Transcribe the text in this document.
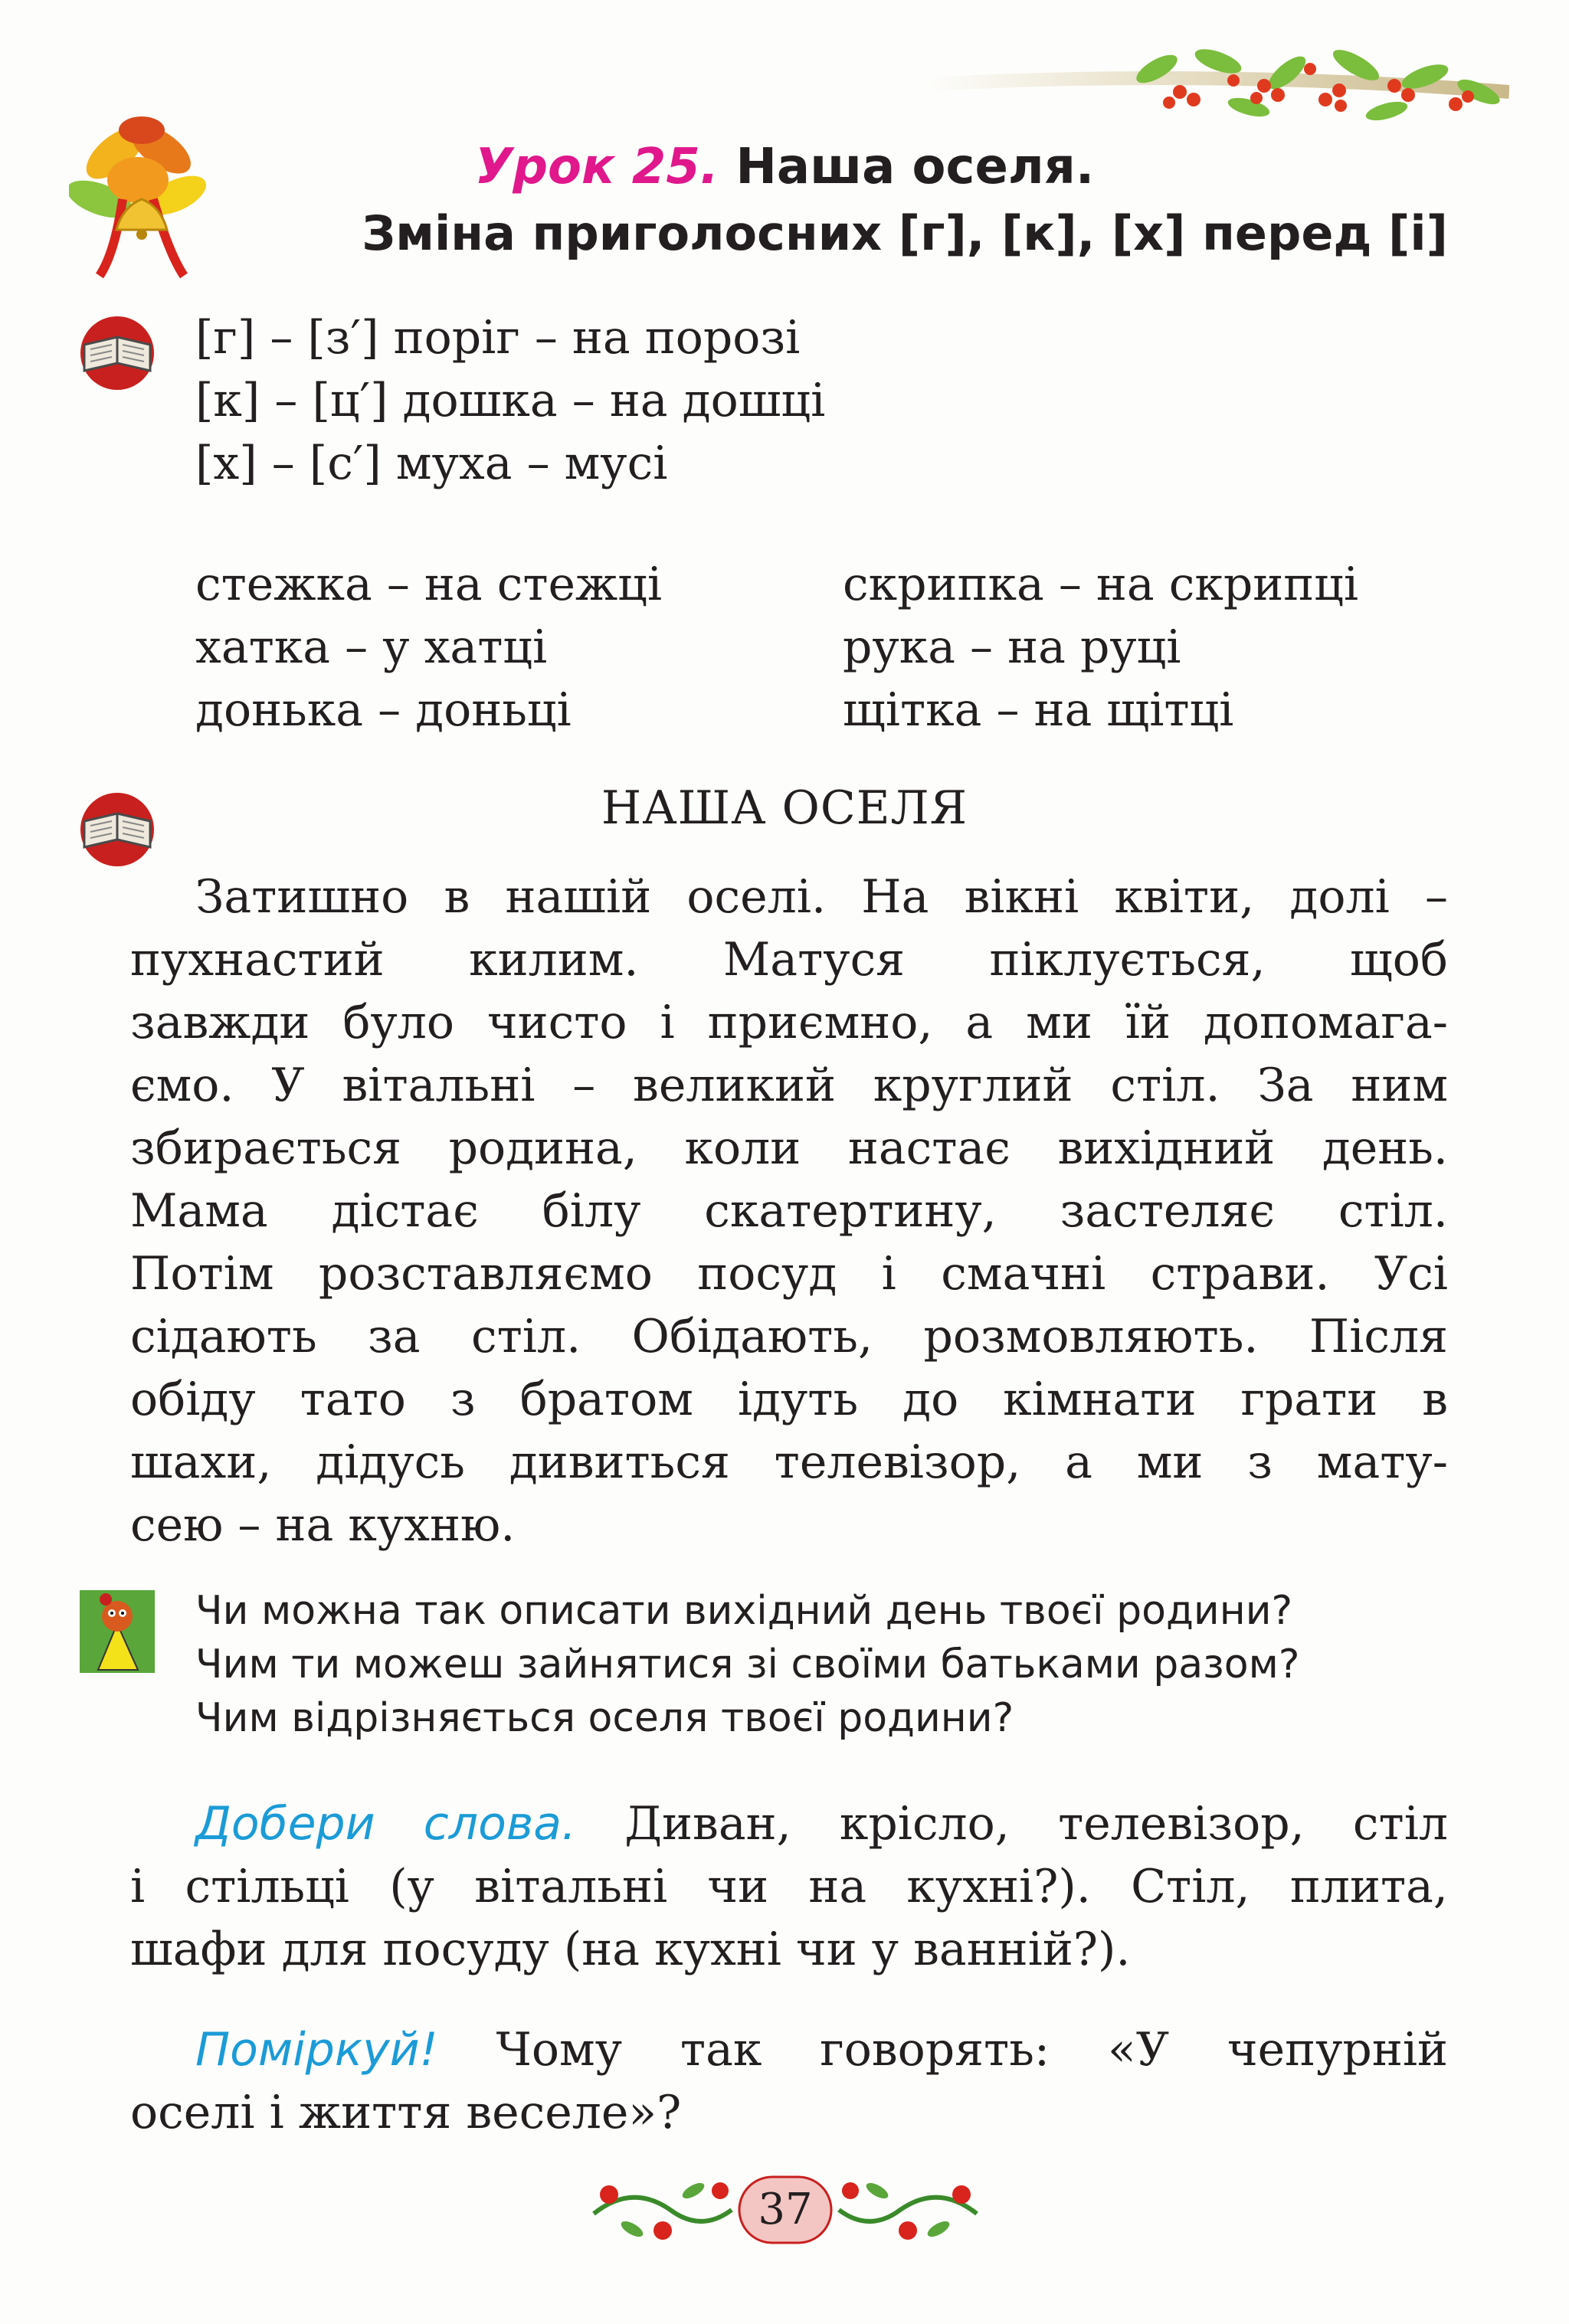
Урок 25. Наша оселя.
Зміна приголосних [г], [к], [х] перед [і]
[г] – [з′] поріг – на порозі
[к] – [ц′] дошка – на дошці
[х] – [с′] муха – мусі
стежка – на стежці
хатка – у хатці
донька – доньці
скрипка – на скрипці
рука – на руці
щітка – на щітці
НАША ОСЕЛЯ
Затишно в нашій оселі. На вікні квіти, долі –
пухнастий килим. Матуся піклується, щоб
завжди було чисто і приємно, а ми їй допомага-
ємо. У вітальні – великий круглий стіл. За ним
збирається родина, коли настає вихідний день.
Мама дістає білу скатертину, застеляє стіл.
Потім розставляємо посуд і смачні страви. Усі
сідають за стіл. Обідають, розмовляють. Після
обіду тато з братом ідуть до кімнати грати в
шахи, дідусь дивиться телевізор, а ми з мату-
сею – на кухню.
Чи можна так описати вихідний день твоєї родини?
Чим ти можеш зайнятися зі своїми батьками разом?
Чим відрізняється оселя твоєї родини?
Добери слова. Диван, крісло, телевізор, стіл
і стільці (у вітальні чи на кухні?). Стіл, плита,
шафи для посуду (на кухні чи у ванній?).
Поміркуй! Чому так говорять: «У чепурній
оселі і життя веселе»?
37
